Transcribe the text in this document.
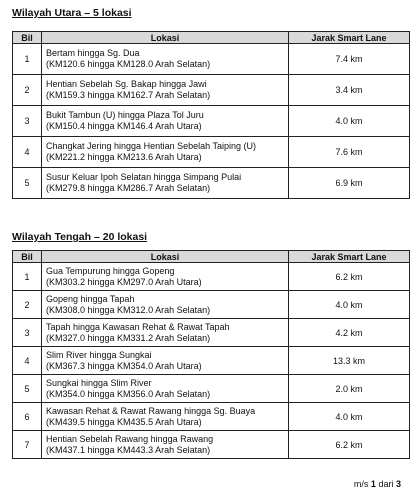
Wilayah Utara – 5 lokasi
Bil	Lokasi	Jarak Smart Lane
1	Bertam hingga Sg. Dua
(KM120.6 hingga KM128.0 Arah Selatan)	7.4 km
2	Hentian Sebelah Sg. Bakap hingga Jawi
(KM159.3 hingga KM162.7 Arah Selatan)	3.4 km
3	Bukit Tambun (U) hingga Plaza Tol Juru
(KM150.4 hingga KM146.4 Arah Utara)	4.0 km
4	Changkat Jering hingga Hentian Sebelah Taiping (U)
(KM221.2 hingga KM213.6 Arah Utara)	7.6 km
5	Susur Keluar Ipoh Selatan hingga Simpang Pulai
(KM279.8 hingga KM286.7 Arah Selatan)	6.9 km
Wilayah Tengah – 20 lokasi
Bil	Lokasi	Jarak Smart Lane
1	Gua Tempurung hingga Gopeng
(KM303.2 hingga KM297.0 Arah Utara)	6.2 km
2	Gopeng hingga Tapah
(KM308.0 hingga KM312.0 Arah Selatan)	4.0 km
3	Tapah hingga Kawasan Rehat & Rawat Tapah
(KM327.0 hingga KM331.2 Arah Selatan)	4.2 km
4	Slim River hingga Sungkai
(KM367.3 hingga KM354.0 Arah Utara)	13.3 km
5	Sungkai hingga Slim River
(KM354.0 hingga KM356.0 Arah Selatan)	2.0 km
6	Kawasan Rehat & Rawat Rawang hingga Sg. Buaya
(KM439.5 hingga KM435.5 Arah Utara)	4.0 km
7	Hentian Sebelah Rawang hingga Rawang
(KM437.1 hingga KM443.3 Arah Selatan)	6.2 km
m/s 1 dari 3
